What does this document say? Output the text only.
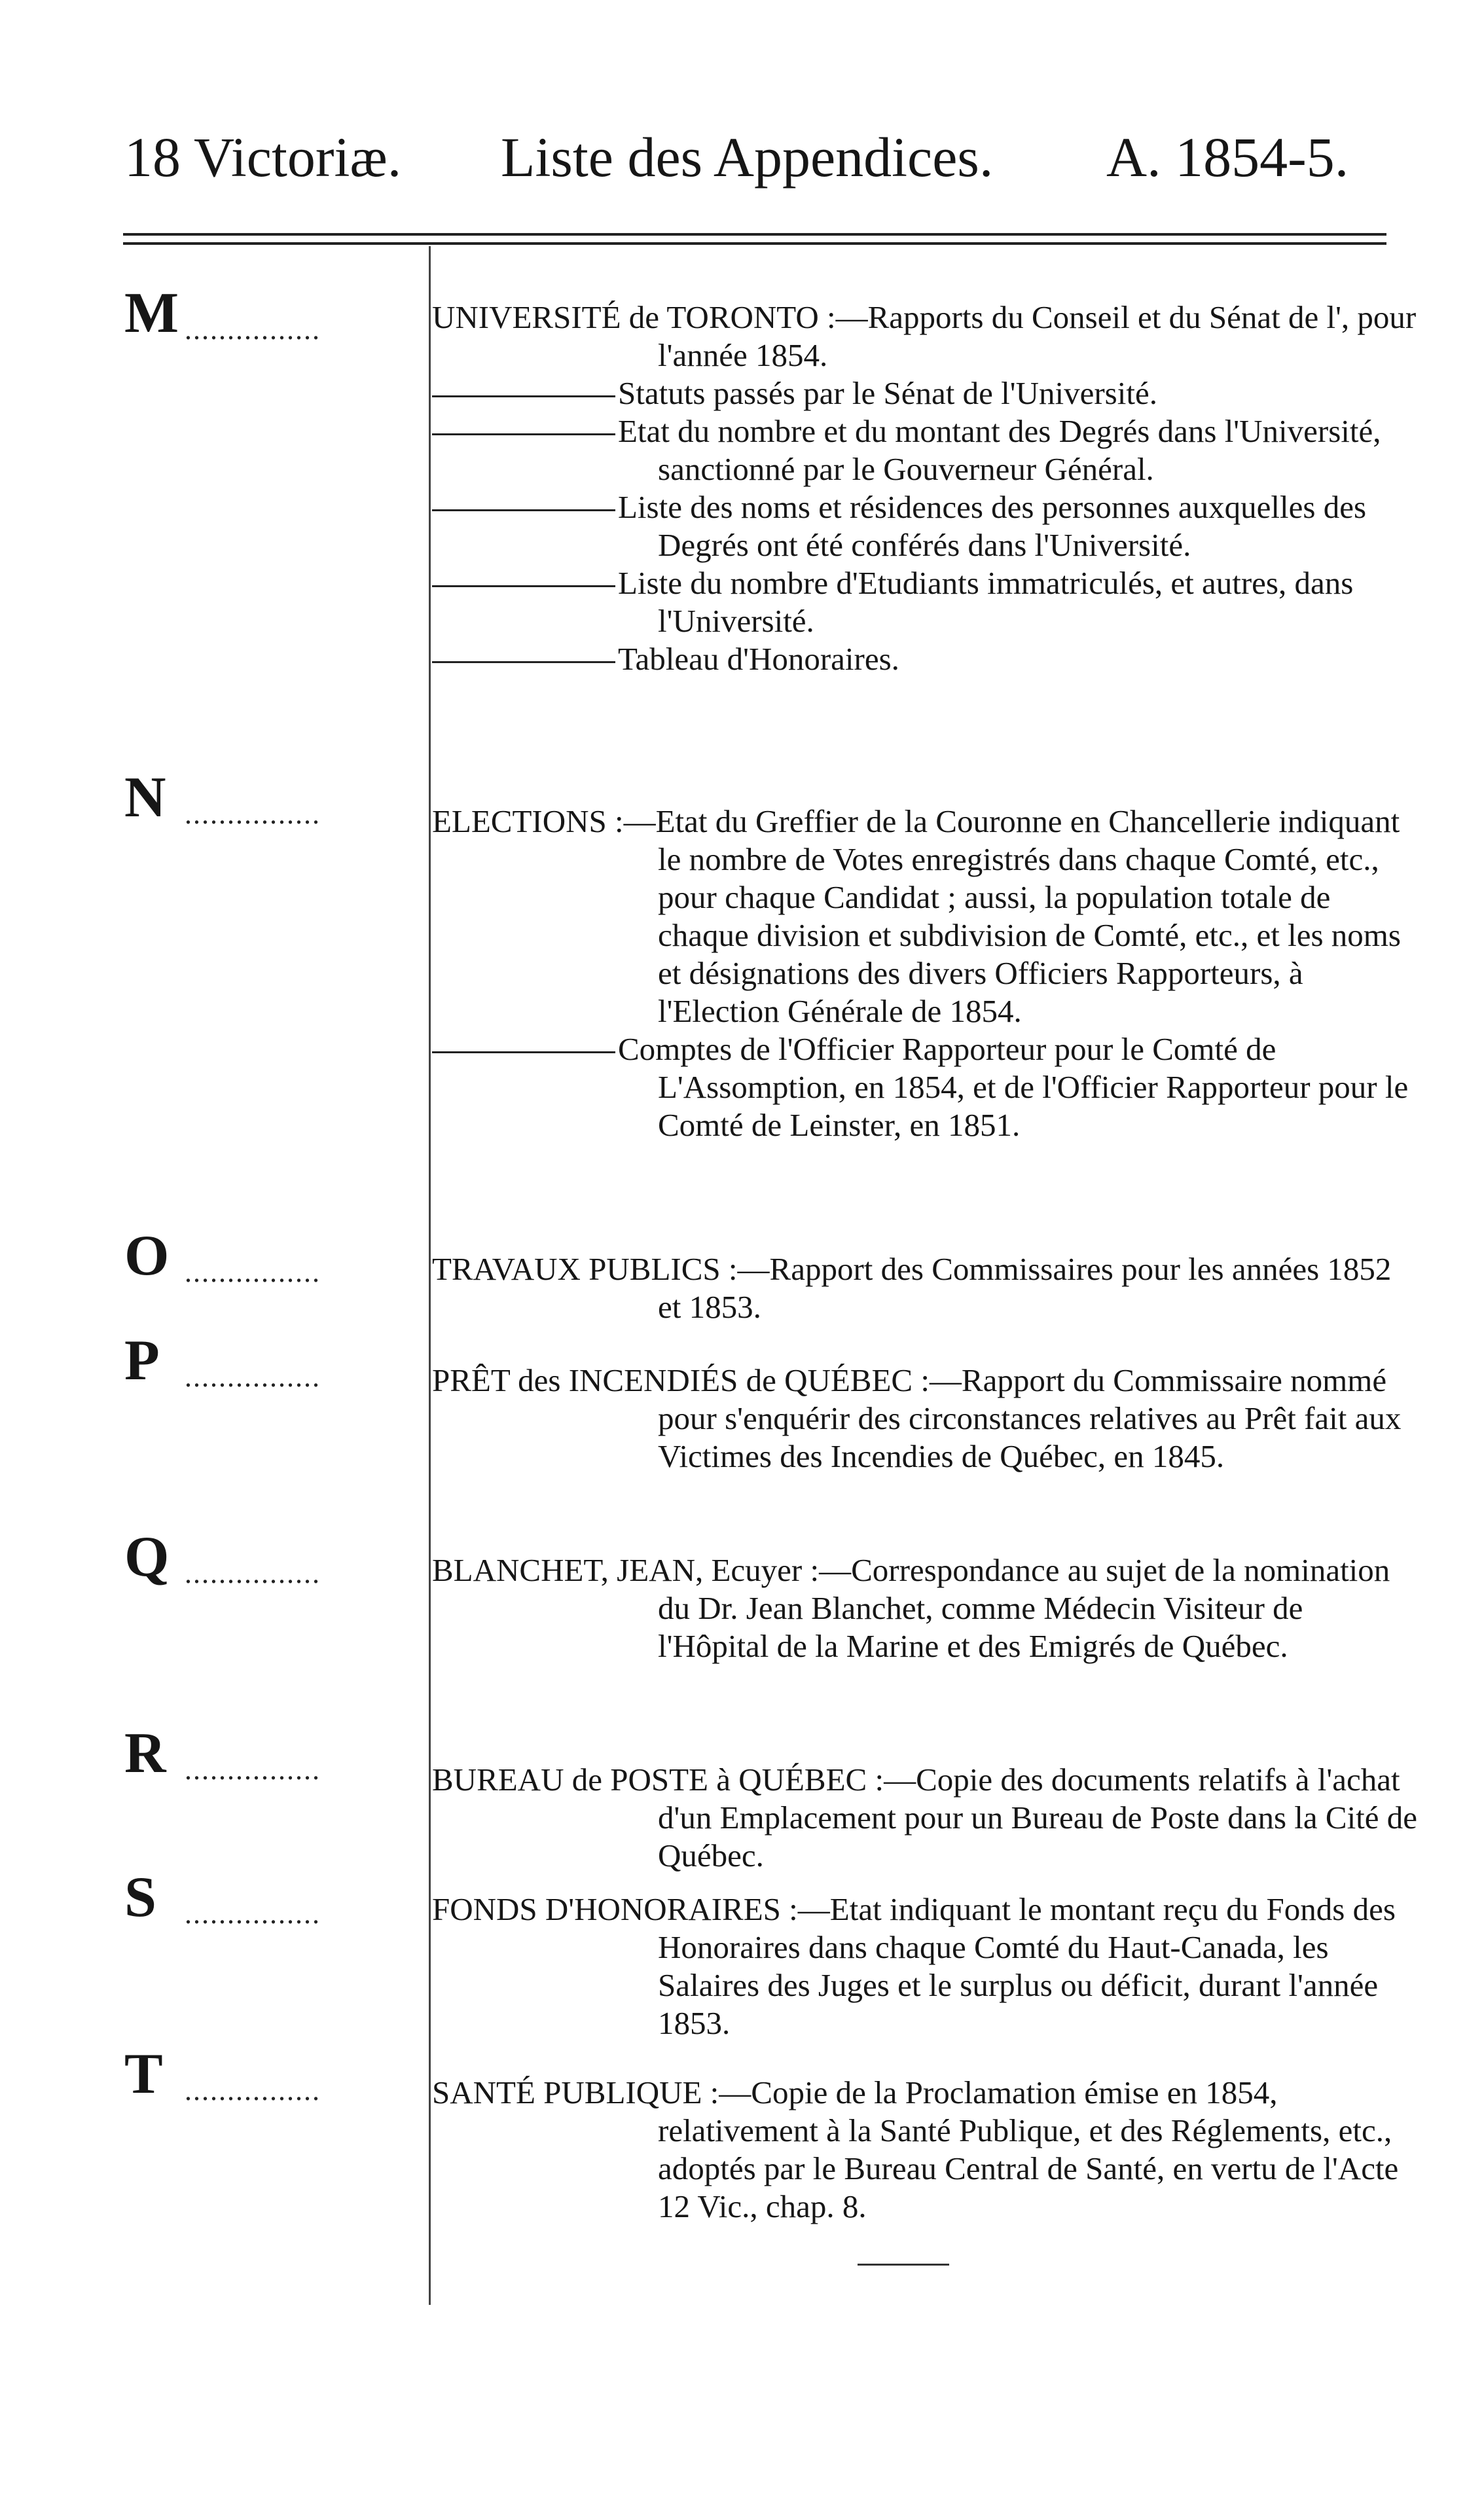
18 Victoriæ. Liste des Appendices. A. 1854-5.
M ................	UNIVERSITÉ de TORONTO :—Rapports du Conseil et du Sénat de l', pour l'année 1854.
Statuts passés par le Sénat de l'Université.
Etat du nombre et du montant des Degrés dans l'Université, sanctionné par le Gouverneur Général.
Liste des noms et résidences des personnes auxquelles des Degrés ont été conférés dans l'Université.
Liste du nombre d'Etudiants immatriculés, et autres, dans l'Université.
Tableau d'Honoraires.
N ................	ELECTIONS :—Etat du Greffier de la Couronne en Chancellerie indiquant le nombre de Votes enregistrés dans chaque Comté, etc., pour chaque Candidat ; aussi, la population totale de chaque division et subdivision de Comté, etc., et les noms et désignations des divers Officiers Rapporteurs, à l'Election Générale de 1854.
Comptes de l'Officier Rapporteur pour le Comté de L'Assomption, en 1854, et de l'Officier Rapporteur pour le Comté de Leinster, en 1851.
O ................	TRAVAUX PUBLICS :—Rapport des Commissaires pour les années 1852 et 1853.
P ................	PRÊT des INCENDIÉS de QUÉBEC :—Rapport du Commissaire nommé pour s'enquérir des circonstances relatives au Prêt fait aux Victimes des Incendies de Québec, en 1845.
Q ................	BLANCHET, JEAN, Ecuyer :—Correspondance au sujet de la nomination du Dr. Jean Blanchet, comme Médecin Visiteur de l'Hôpital de la Marine et des Emigrés de Québec.
R ................	BUREAU de POSTE à QUÉBEC :—Copie des documents relatifs à l'achat d'un Emplacement pour un Bureau de Poste dans la Cité de Québec.
S ................	FONDS D'HONORAIRES :—Etat indiquant le montant reçu du Fonds des Honoraires dans chaque Comté du Haut-Canada, les Salaires des Juges et le surplus ou déficit, durant l'année 1853.
T ................	SANTÉ PUBLIQUE :—Copie de la Proclamation émise en 1854, relativement à la Santé Publique, et des Réglements, etc., adoptés par le Bureau Central de Santé, en vertu de l'Acte 12 Vic., chap. 8.
